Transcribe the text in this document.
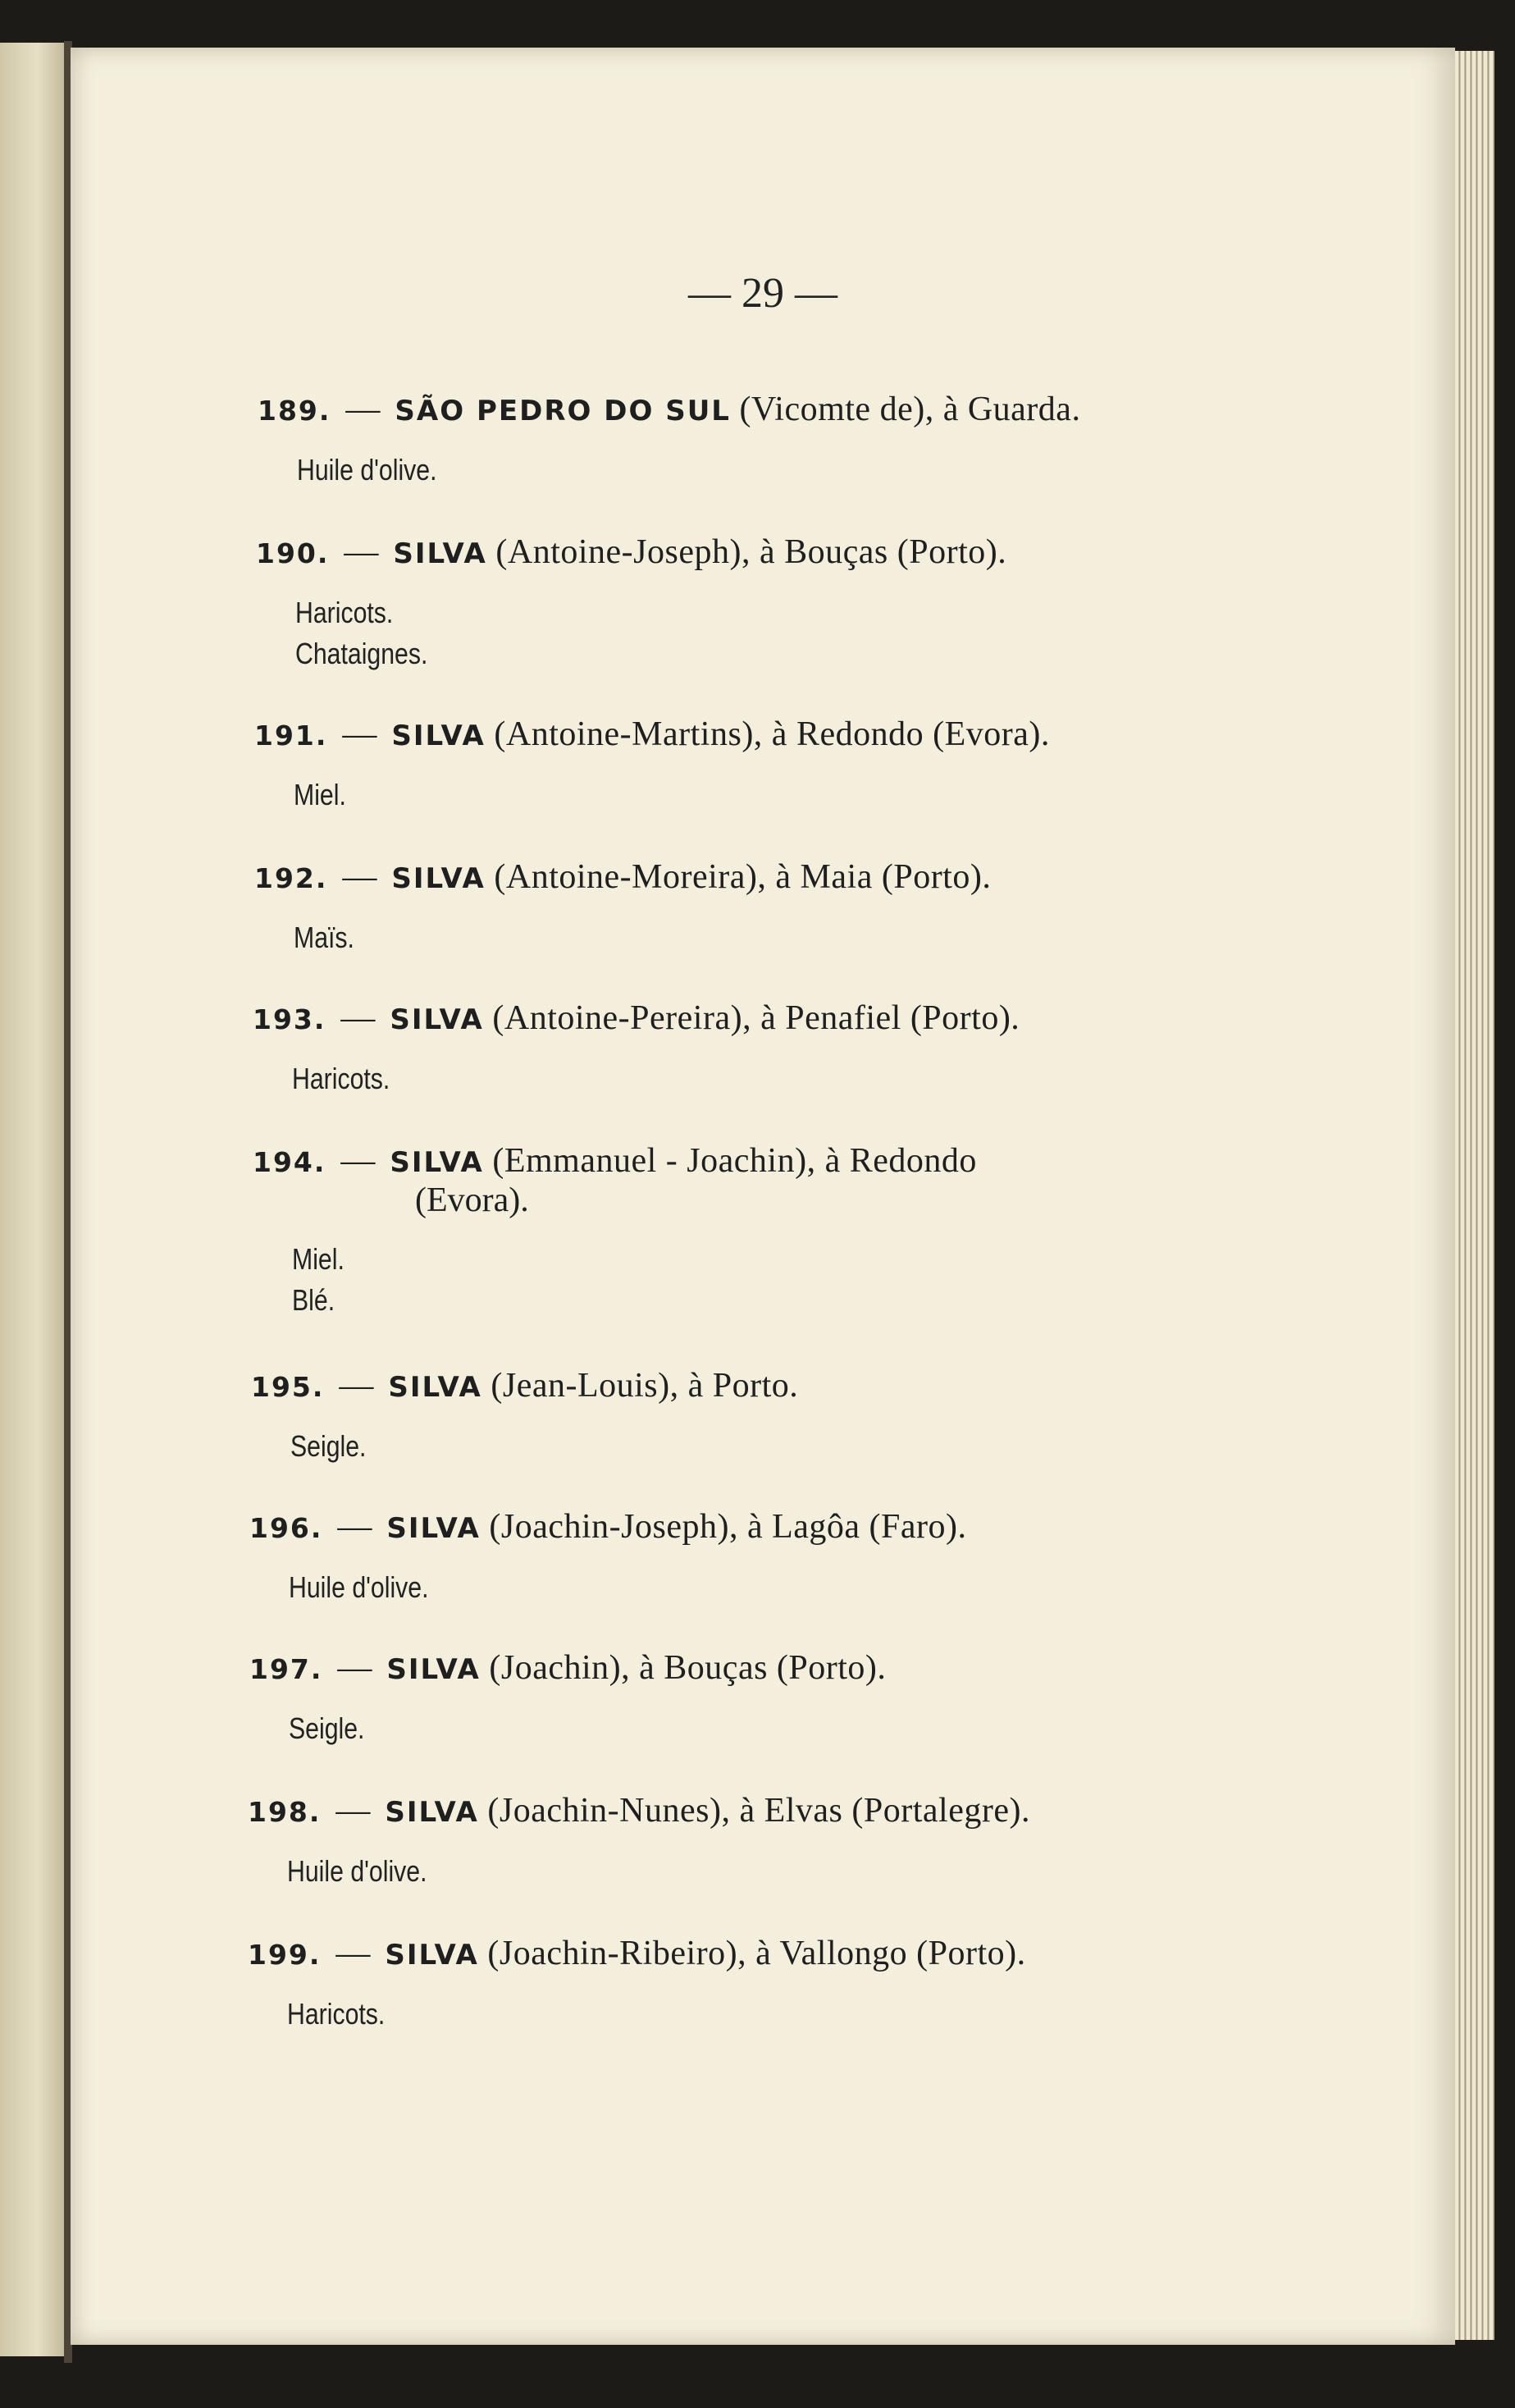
— 29 —
189. — SÃO PEDRO DO SUL (Vicomte de), à Guarda.
Huile d'olive.
190. — SILVA (Antoine-Joseph), à Bouças (Porto).
Haricots.
Chataignes.
191. — SILVA (Antoine-Martins), à Redondo (Evora).
Miel.
192. — SILVA (Antoine-Moreira), à Maia (Porto).
Maïs.
193. — SILVA (Antoine-Pereira), à Penafiel (Porto).
Haricots.
194. — SILVA (Emmanuel - Joachin), à Redondo
(Evora).
Miel.
Blé.
195. — SILVA (Jean-Louis), à Porto.
Seigle.
196. — SILVA (Joachin-Joseph), à Lagôa (Faro).
Huile d'olive.
197. — SILVA (Joachin), à Bouças (Porto).
Seigle.
198. — SILVA (Joachin-Nunes), à Elvas (Portalegre).
Huile d'olive.
199. — SILVA (Joachin-Ribeiro), à Vallongo (Porto).
Haricots.
